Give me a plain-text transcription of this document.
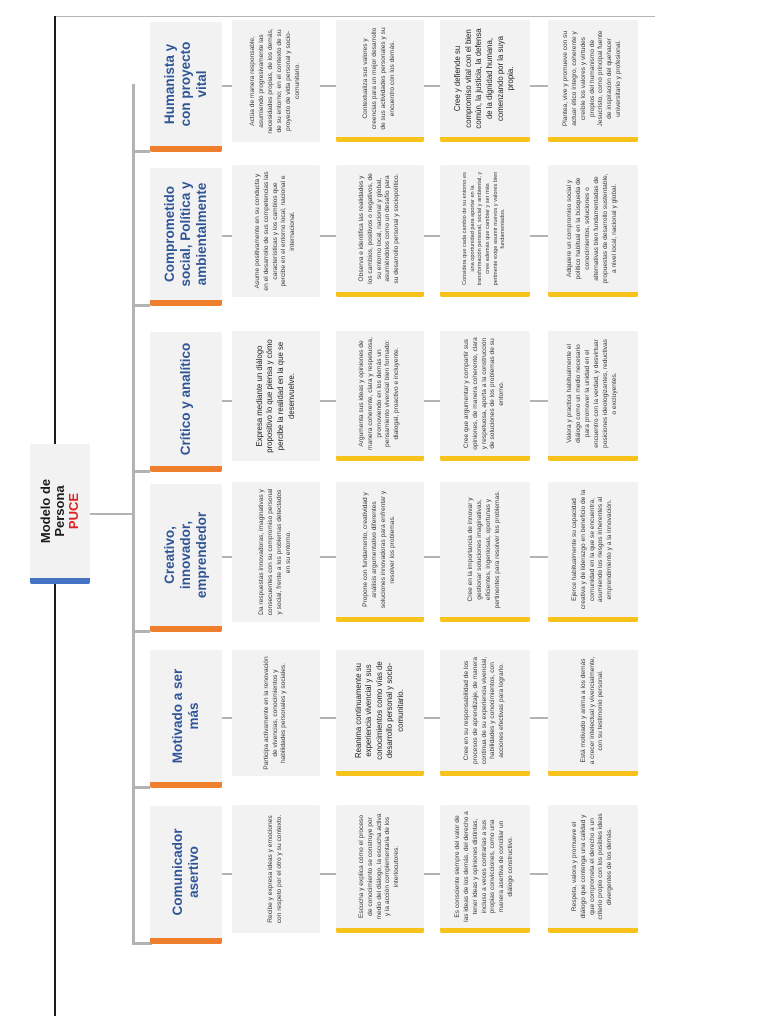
Modelo de Persona PUCE
Comunicador asertivo	Recibe y expresa ideas y emociones con respeto por el otro y su contexto.	Escucha y explica cómo el proceso de conocimiento se construye por medio del diálogo, la escucha activa y la acción complementaria de los interlocutores.	Es consciente siempre del valor de las ideas de los demás, del derecho a tener ideas y opiniones distintas, incluso a veces contrarias a sus propias convicciones, como una manera asertiva de conciliar un diálogo constructivo.	Respeta, valora y promueve el diálogo que contenga una calidad y que comprometa el derecho a un criterio propio con los posibles ideas divergentes de los demás.
Motivado a ser más	Participa activamente en la renovación de vivencias, conocimientos y habilidades personales y sociales.	Reanima continuamente su experiencia vivencial y sus conocimientos como vías de desarrollo personal y socio-comunitario.	Cree en su responsabilidad de los procesos de aprendizaje, de manera continua de su experiencia vivencial, habilidades y conocimientos, con acciones efectivas para lograrlo.	Está motivado y anima a los demás a crecer intelectual y vivencialmente, con su testimonio personal.
Creativo, innovador, emprendedor	Da respuestas innovadoras, imaginativas y consecuentes con su compromiso personal y social, frente a los problemas detectados en su entorno.	Propone con fundamento, creatividad y análisis argumentativo diferentes soluciones innovadoras para enfrentar y resolver los problemas.	Cree en la importancia de innovar y gestionar soluciones imaginativas, eficientes, ingeniosas, oportunas y pertinentes para resolver los problemas.	Ejerce habitualmente su capacidad creativa y de liderazgo en beneficio de la comunidad en la que se encuentra, asumiendo los riesgos inherentes al emprendimiento y a la innovación.
Crítico y analítico	Expresa mediante un diálogo propositivo lo que piensa y cómo percibe la realidad en la que se desenvuelve.	Argumenta sus ideas y opiniones de manera coherente, clara y respetuosa, promoviendo en los demás un pensamiento vivencial bien formado: dialogal, proactivo e incluyente.	Cree que argumentar y compartir sus opiniones, de manera coherente, clara y respetuosa, aporta a la construcción de soluciones de los problemas de su entorno.	Valora y practica habitualmente el diálogo como un medio necesario para promover la unidad en el encuentro con la verdad, y desvirtuar posiciones ideologizantes, reductivas o excluyentes.
Comprometido social, Política y ambientalmente	Asume positivamente en su conducta y en el desarrollo de sus competencias las características y los cambios que percibe en el entorno local, nacional e internacional.	Observa e identifica las realidades y los cambios, positivos o negativos, de su entorno local, nacional y global, asumiéndolos como un desafío para su desarrollo personal y sociopolítico.	Considera que cada cambio de su entorno es una oportunidad para aportar en la transformación personal, social y ambiental, y cree además que cambiar y ser más pertinente exige asumir nuevos y valores bien fundamentados.	Adquiere un compromiso social y político habitual en la búsqueda de conocimientos, soluciones o alternativas bien fundamentadas de propuestas de desarrollo sustentable, a nivel local, nacional y global.
Humanista y con proyecto vital	Actúa de manera responsable, asumiendo progresivamente las necesidades propias, de los demás, de su entorno; en el contexto de su proyecto de vida personal y socio-comunitario.	Contextualiza sus valores y creencias para un mejor desarrollo de sus actividades personales y su encuentro con los demás.	Cree y defiende su compromiso vital con el bien común, la justicia, la defensa de la dignidad humana, comenzando por la suya propia.	Plantea, vive y promueve con su actuar ético íntegro, coherente y creíble los valores y virtudes propios del humanismo de Jesucristo, como principal fuente de inspiración del quehacer universitario y profesional.
